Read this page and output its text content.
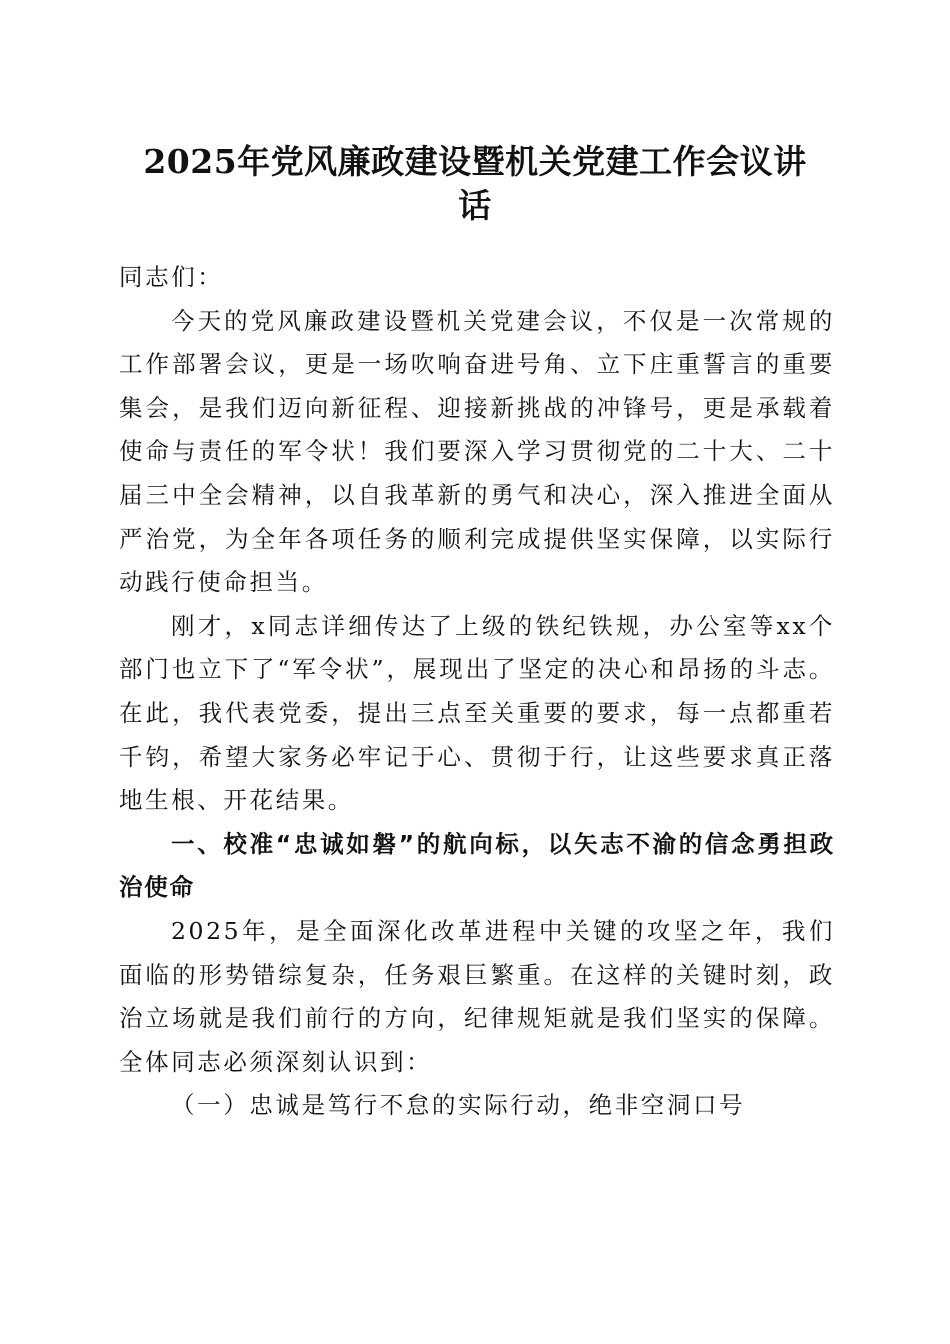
2025年党风廉政建设暨机关党建工作会议讲
话

同志们：

今天的党风廉政建设暨机关党建会议，不仅是一次常规的工作部署会议，更是一场吹响奋进号角、立下庄重誓言的重要集会，是我们迈向新征程、迎接新挑战的冲锋号，更是承载着使命与责任的军令状！我们要深入学习贯彻党的二十大、二十届三中全会精神，以自我革新的勇气和决心，深入推进全面从严治党，为全年各项任务的顺利完成提供坚实保障，以实际行动践行使命担当。

刚才，x同志详细传达了上级的铁纪铁规，办公室等xx个部门也立下了“军令状”，展现出了坚定的决心和昂扬的斗志。在此，我代表党委，提出三点至关重要的要求，每一点都重若千钧，希望大家务必牢记于心、贯彻于行，让这些要求真正落地生根、开花结果。

一、校准“忠诚如磐”的航向标，以矢志不渝的信念勇担政治使命

2025年，是全面深化改革进程中关键的攻坚之年，我们面临的形势错综复杂，任务艰巨繁重。在这样的关键时刻，政治立场就是我们前行的方向，纪律规矩就是我们坚实的保障。全体同志必须深刻认识到：

（一）忠诚是笃行不怠的实际行动，绝非空洞口号
